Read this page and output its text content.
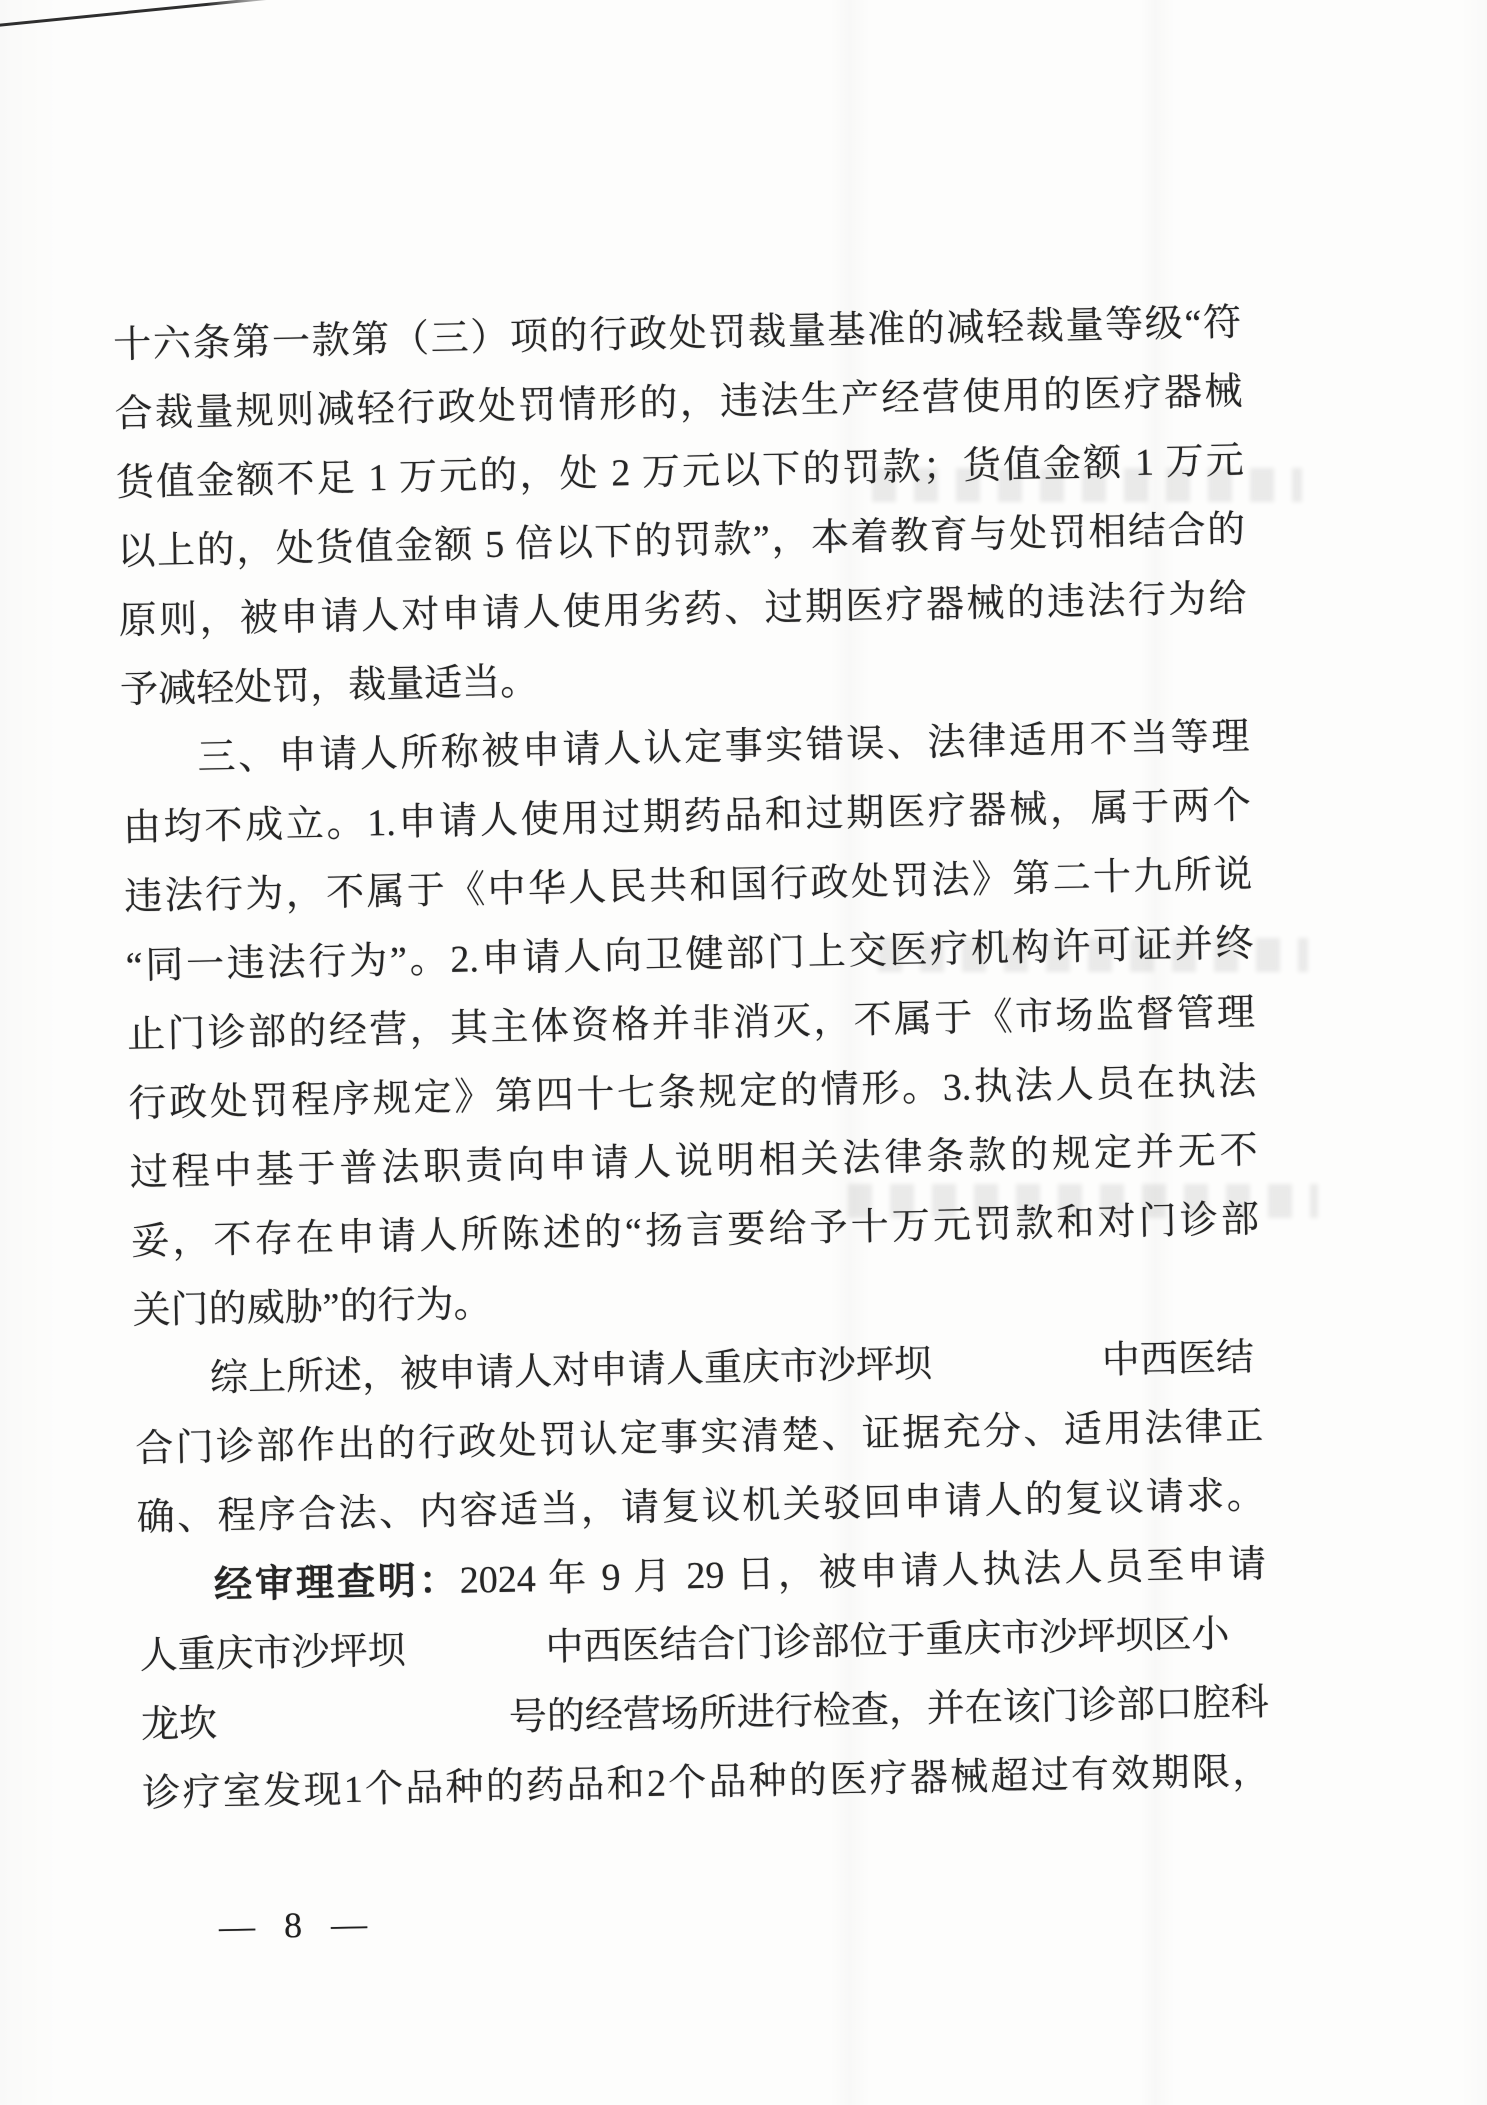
十六条第一款第（三）项的行政处罚裁量基准的减轻裁量等级“符
合裁量规则减轻行政处罚情形的，违法生产经营使用的医疗器械
货值金额不足 1 万元的，处 2 万元以下的罚款；货值金额 1 万元
以上的，处货值金额 5 倍以下的罚款”，本着教育与处罚相结合的
原则，被申请人对申请人使用劣药、过期医疗器械的违法行为给
予减轻处罚，裁量适当。
三、申请人所称被申请人认定事实错误、法律适用不当等理
由均不成立。1.申请人使用过期药品和过期医疗器械，属于两个
违法行为，不属于《中华人民共和国行政处罚法》第二十九所说
“同一违法行为”。2.申请人向卫健部门上交医疗机构许可证并终
止门诊部的经营，其主体资格并非消灭，不属于《市场监督管理
行政处罚程序规定》第四十七条规定的情形。3.执法人员在执法
过程中基于普法职责向申请人说明相关法律条款的规定并无不
妥，不存在申请人所陈述的“扬言要给予十万元罚款和对门诊部
关门的威胁”的行为。
综上所述，被申请人对申请人重庆市沙坪坝	中西医结
合门诊部作出的行政处罚认定事实清楚、证据充分、适用法律正
确、程序合法、内容适当，请复议机关驳回申请人的复议请求。
经审理查明：2024 年 9 月 29 日，被申请人执法人员至申请
人重庆市沙坪坝	中西医结合门诊部位于重庆市沙坪坝区小
龙坎	号的经营场所进行检查，并在该门诊部口腔科
诊疗室发现1个品种的药品和2个品种的医疗器械超过有效期限，
— 8 —
